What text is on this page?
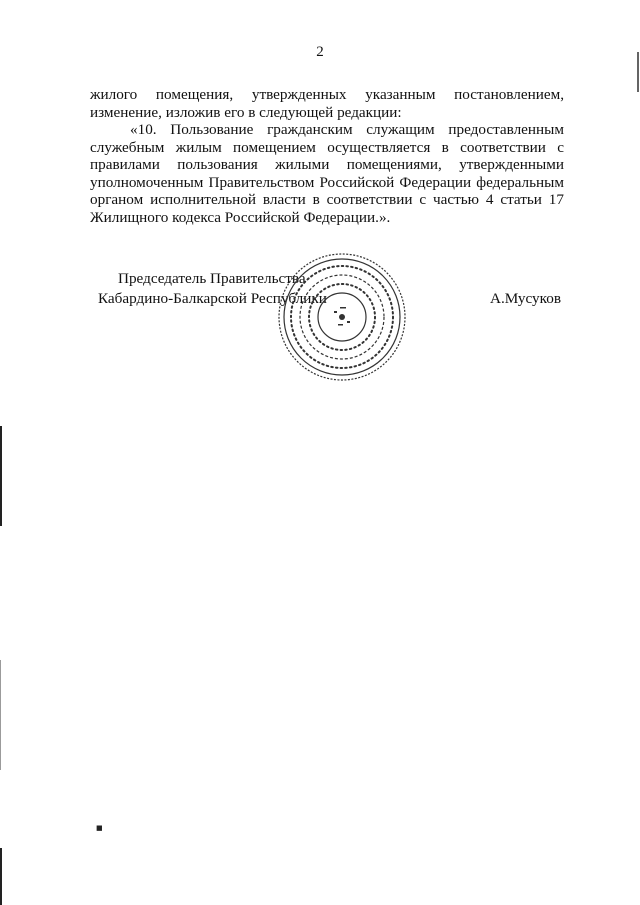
2

жилого помещения, утвержденных указанным постановлением, изменение, изложив его в следующей редакции:

«10. Пользование гражданским служащим предоставленным служебным жилым помещением осуществляется в соответствии с правилами пользования жилыми помещениями, утвержденными уполномоченным Правительством Российской Федерации федеральным органом исполнительной власти в соответствии с частью 4 статьи 17 Жилищного кодекса Российской Федерации.».

Председатель Правительства
Кабардино-Балкарской Республики	А.Мусуков
■
